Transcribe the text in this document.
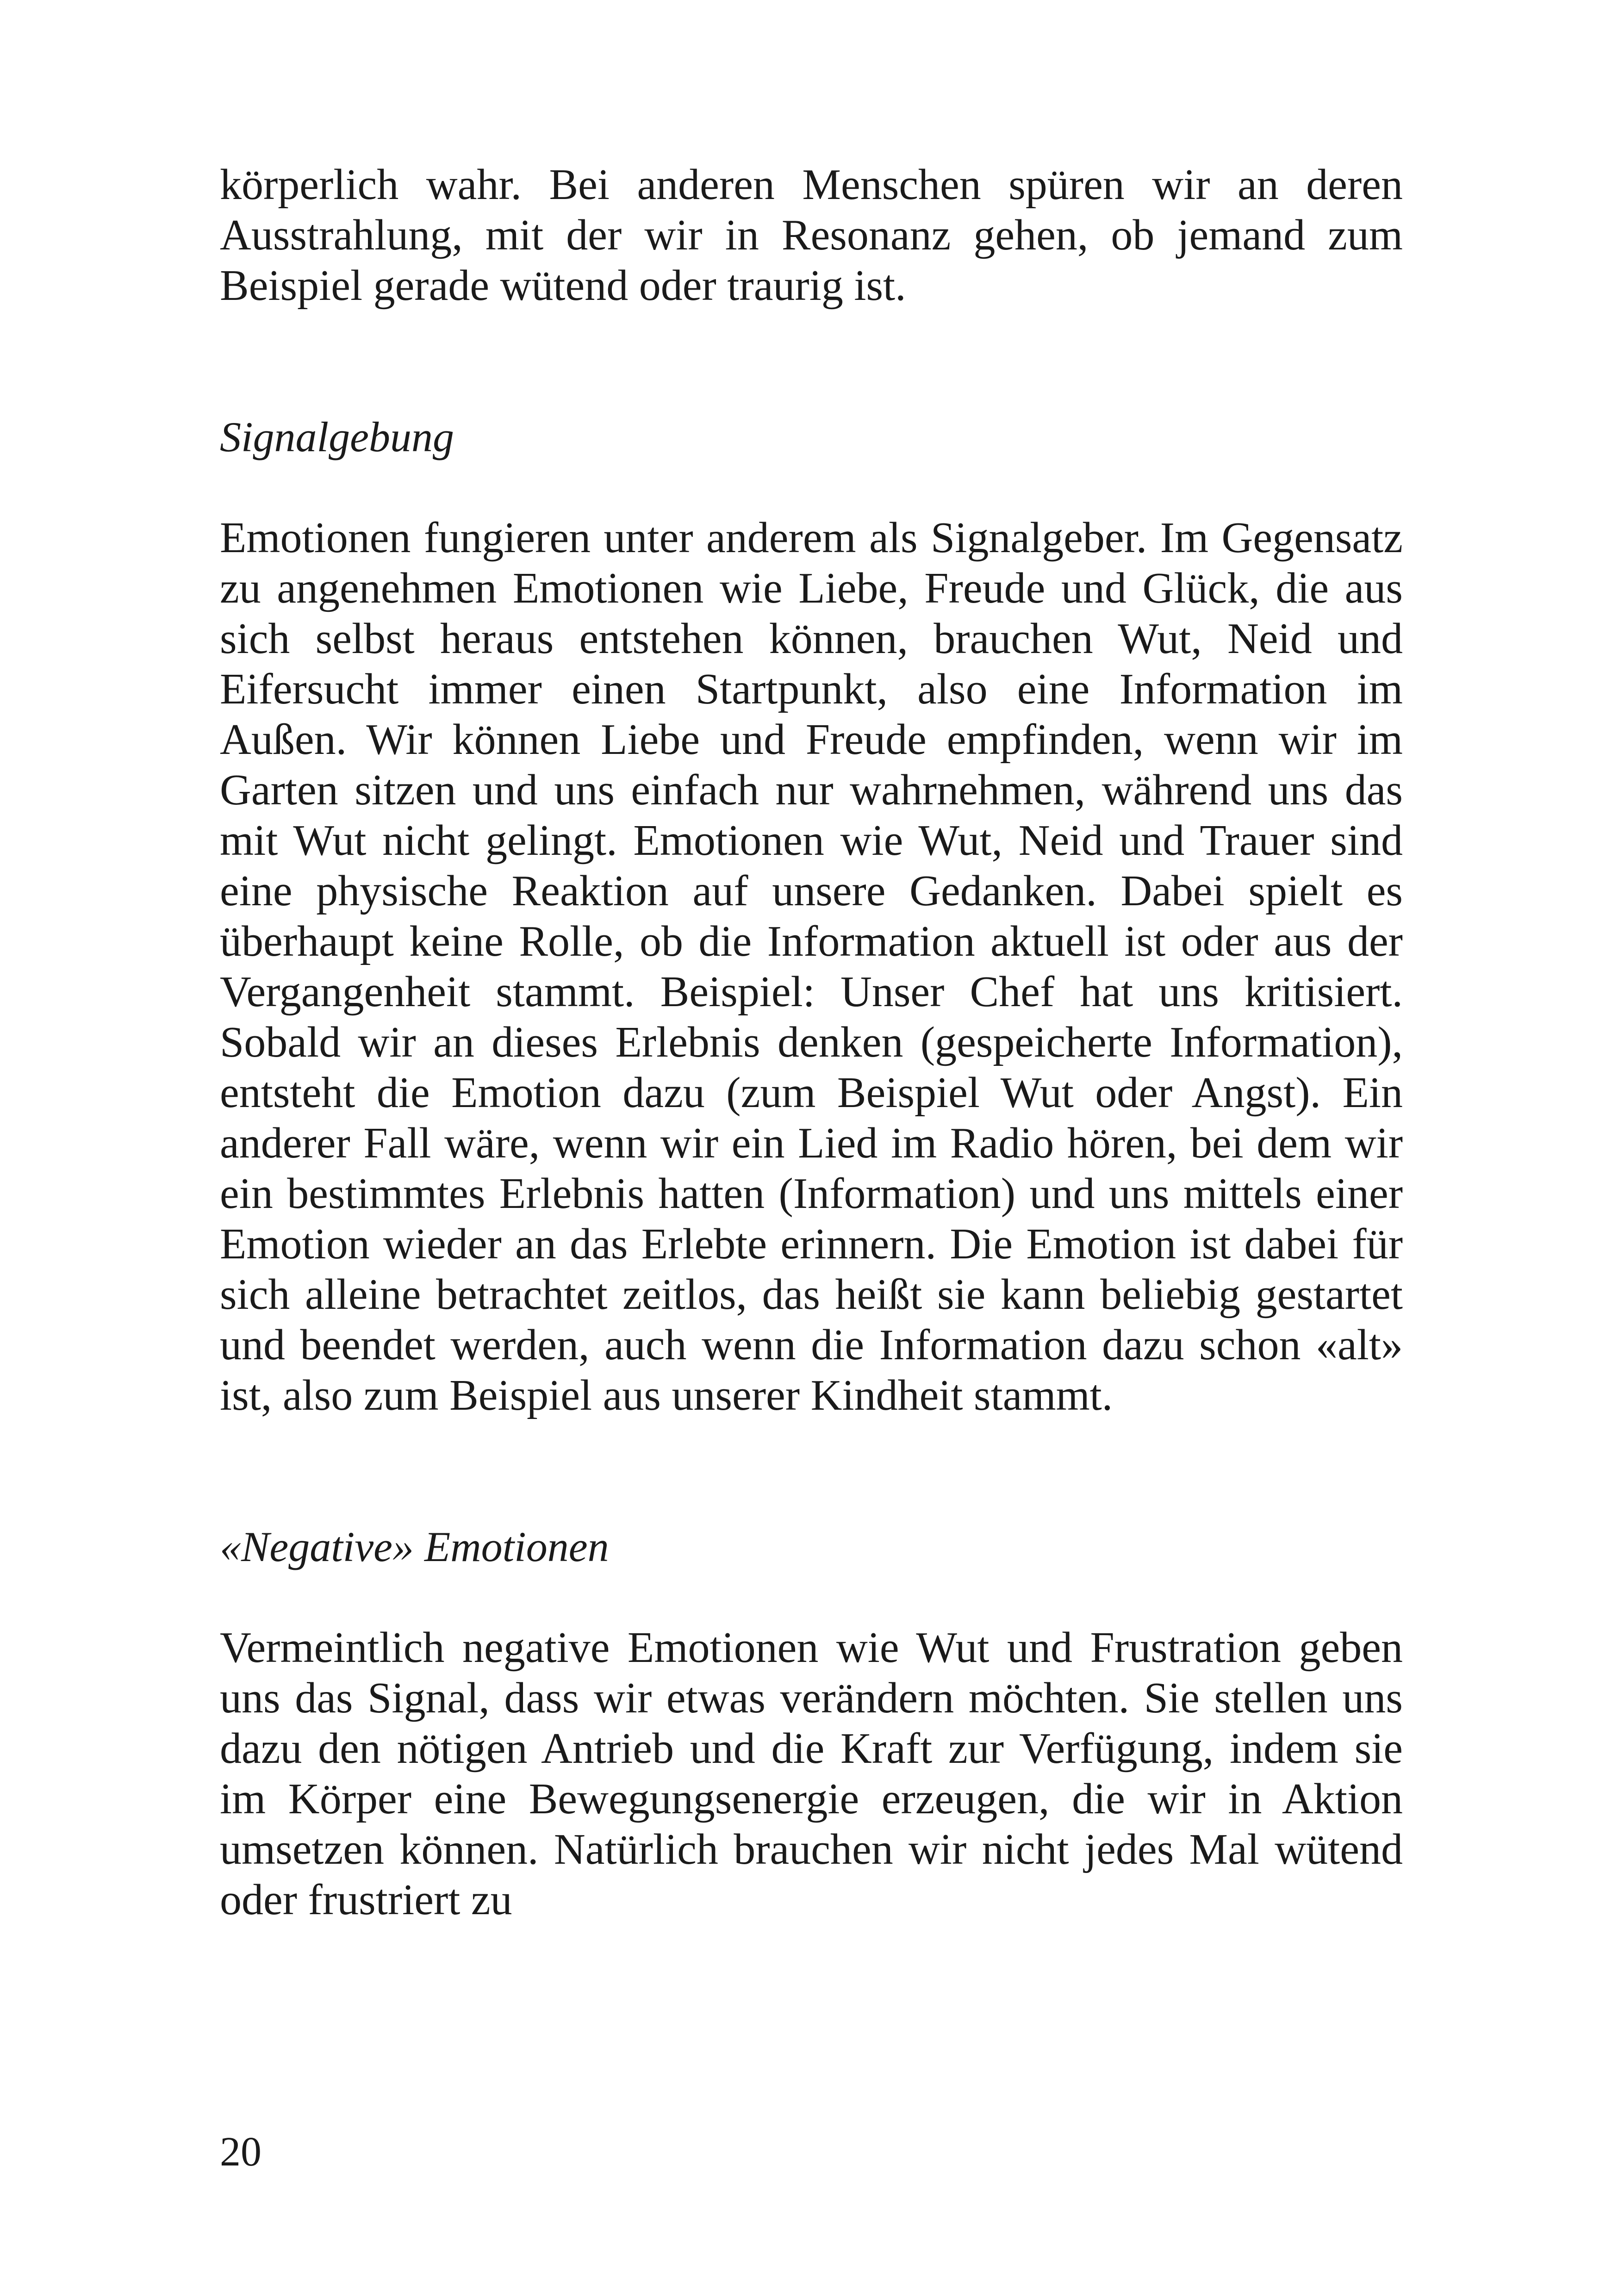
körperlich wahr. Bei anderen Menschen spüren wir an deren Ausstrahlung, mit der wir in Resonanz gehen, ob jemand zum Beispiel gerade wütend oder traurig ist.

Signalgebung

Emotionen fungieren unter anderem als Signalgeber. Im Gegensatz zu angenehmen Emotionen wie Liebe, Freude und Glück, die aus sich selbst heraus entstehen können, brauchen Wut, Neid und Eifersucht immer einen Startpunkt, also eine Information im Außen. Wir können Liebe und Freude empfinden, wenn wir im Garten sitzen und uns einfach nur wahrnehmen, während uns das mit Wut nicht gelingt. Emotionen wie Wut, Neid und Trauer sind eine physische Reaktion auf unsere Gedanken. Dabei spielt es überhaupt keine Rolle, ob die Information aktuell ist oder aus der Vergangenheit stammt. Beispiel: Unser Chef hat uns kritisiert. Sobald wir an dieses Erlebnis denken (gespeicherte Information), entsteht die Emotion dazu (zum Beispiel Wut oder Angst). Ein anderer Fall wäre, wenn wir ein Lied im Radio hören, bei dem wir ein bestimmtes Erlebnis hatten (Information) und uns mittels einer Emotion wieder an das Erlebte erinnern. Die Emotion ist dabei für sich alleine betrachtet zeitlos, das heißt sie kann beliebig gestartet und beendet werden, auch wenn die Information dazu schon «alt» ist, also zum Beispiel aus unserer Kindheit stammt.

«Negative» Emotionen

Vermeintlich negative Emotionen wie Wut und Frustration geben uns das Signal, dass wir etwas verändern möchten. Sie stellen uns dazu den nötigen Antrieb und die Kraft zur Verfügung, indem sie im Körper eine Bewegungsenergie erzeugen, die wir in Aktion umsetzen können. Natürlich brauchen wir nicht jedes Mal wütend oder frustriert zu

20
